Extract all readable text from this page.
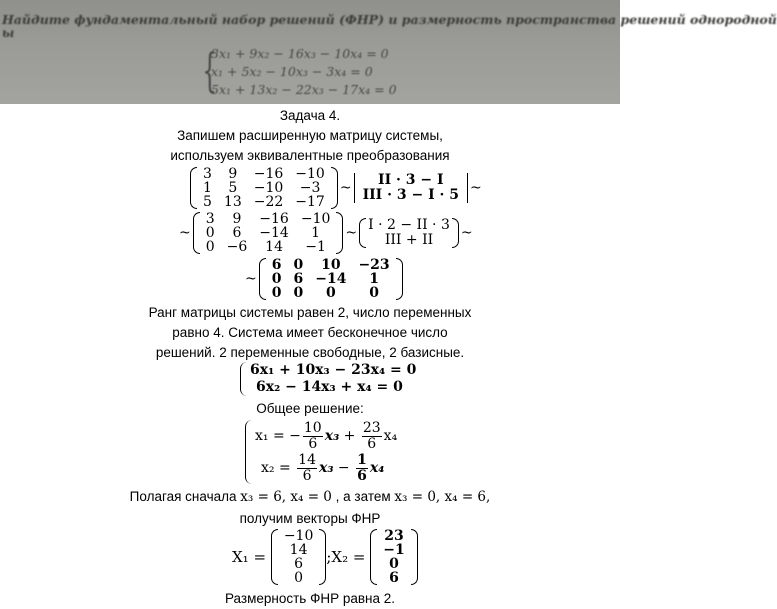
Найдите фундаментальный набор решений (ФНР) и размерность пространства решений однородной
ы
{
3x₁ + 9x₂ − 16x₃ − 10x₄ = 0
x₁ + 5x₂ − 10x₃ − 3x₄ = 0
5x₁ + 13x₂ − 22x₃ − 17x₄ = 0
Задача 4.
Запишем расширенную матрицу системы,
используем эквивалентные преобразования
3	9	−16	−10
1	5	−10	−3
5	13	−22	−17
~ II · 3 − I
III · 3 − I · 5 ~
~
3	9	−16	−10
0	6	−14	1
0	−6	14	−1
~ I · 2 − II · 3
III + II ~
~
6	0	10	−23
0	6	−14	1
0	0	0	0
Ранг матрицы системы равен 2, число переменных
равно 4. Система имеет бесконечное число
решений. 2 переменные свободные, 2 базисные.
6x₁ + 10x₃ − 23x₄ = 0
6x₂ − 14x₃ + x₄ = 0
Общее решение:
x₁ = − $\frac{10}{6} x_3 + \frac{23}{6} x_4$
$x_2 = \frac{14}{6} x_3 - \frac{1}{6} x_4$
Полагая сначала x₃ = 6, x₄ = 0 , а затем x₃ = 0, x₄ = 6,
получим векторы ФНР
X₁ =
−10
14
6
0
;X₂ =
23
−1
0
6
Размерность ФНР равна 2.
